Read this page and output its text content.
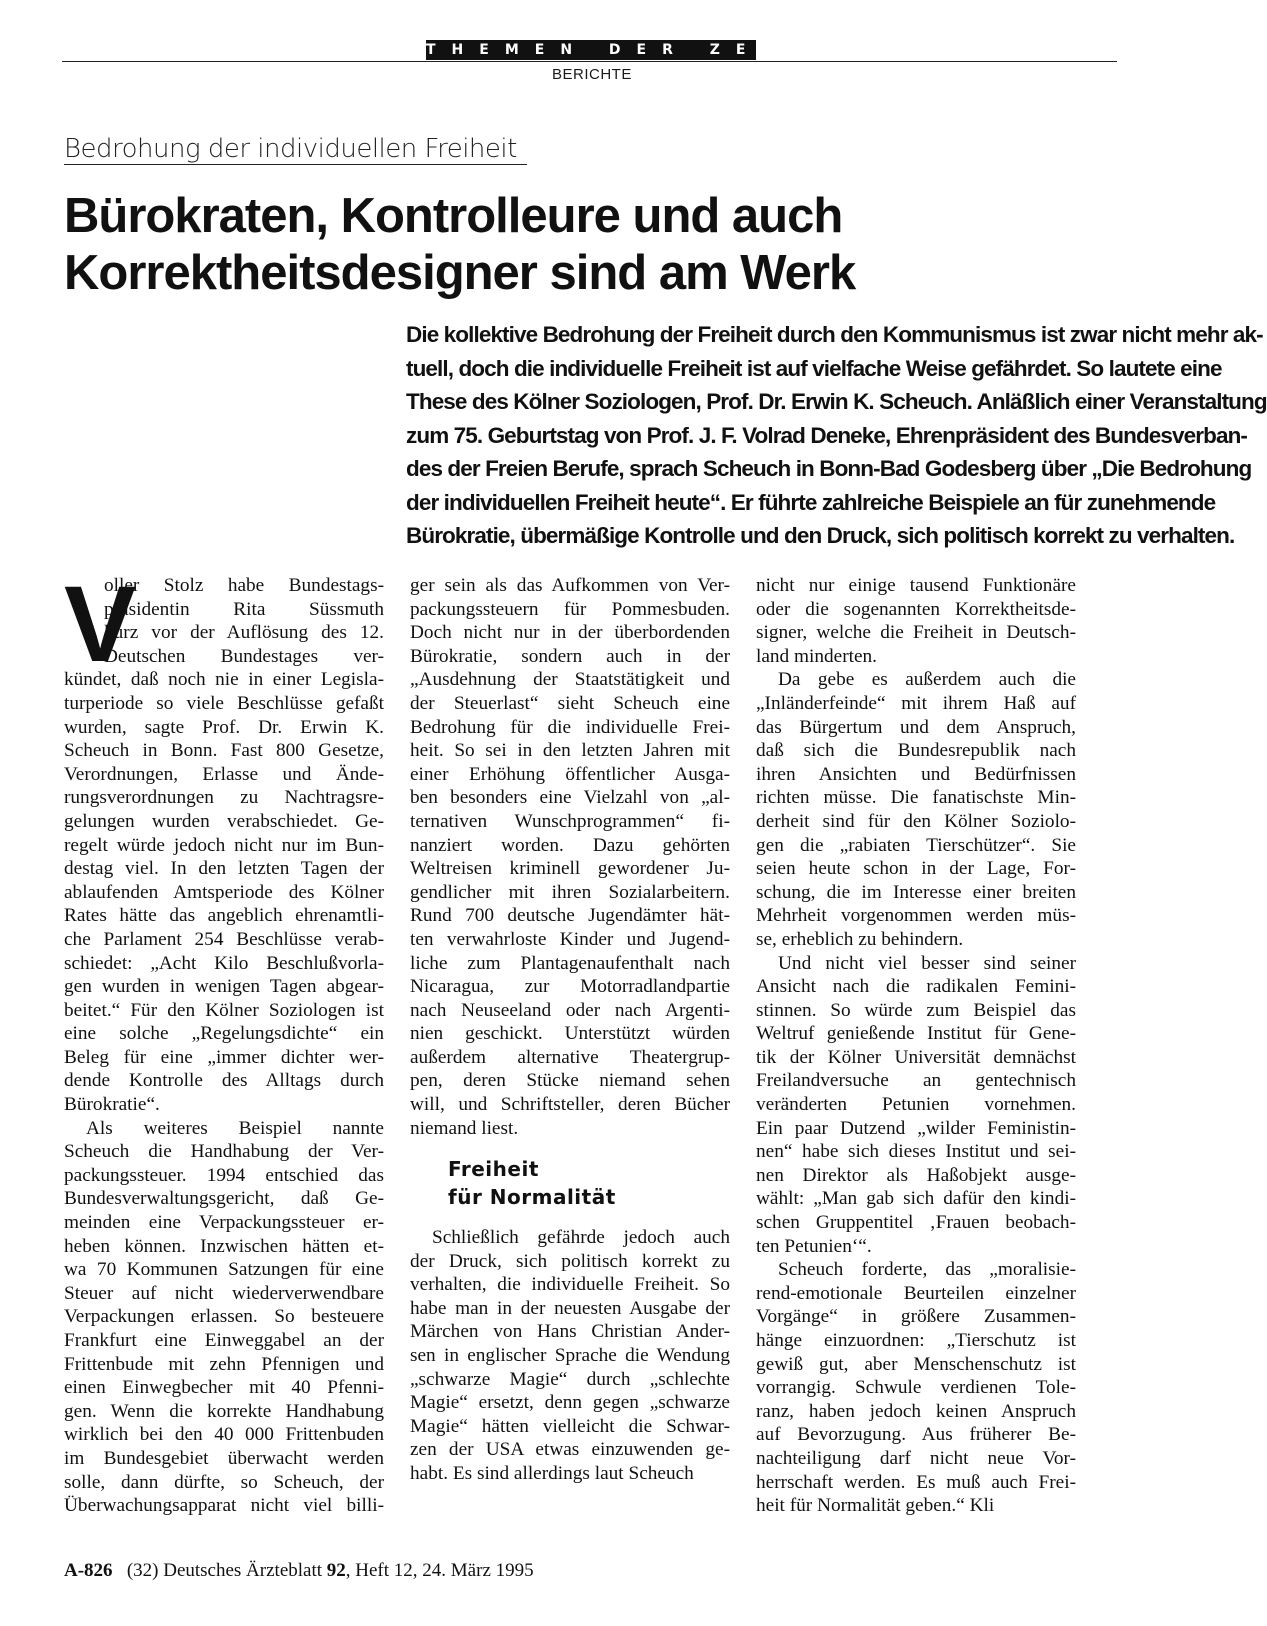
THEMEN DER ZEIT
BERICHTE
Bedrohung der individuellen Freiheit
Bürokraten, Kontrolleure und auch
Korrektheitsdesigner sind am Werk
Die kollektive Bedrohung der Freiheit durch den Kommunismus ist zwar nicht mehr ak-
tuell, doch die individuelle Freiheit ist auf vielfache Weise gefährdet. So lautete eine
These des Kölner Soziologen, Prof. Dr. Erwin K. Scheuch. Anläßlich einer Veranstaltung
zum 75. Geburtstag von Prof. J. F. Volrad Deneke, Ehrenpräsident des Bundesverban-
des der Freien Berufe, sprach Scheuch in Bonn-Bad Godesberg über „Die Bedrohung
der individuellen Freiheit heute“. Er führte zahlreiche Beispiele an für zunehmende
Bürokratie, übermäßige Kontrolle und den Druck, sich politisch korrekt zu verhalten.
V
oller Stolz habe Bundestags-
präsidentin Rita Süssmuth
kurz vor der Auflösung des 12.
Deutschen Bundestages ver-
kündet, daß noch nie in einer Legisla-
turperiode so viele Beschlüsse gefaßt
wurden, sagte Prof. Dr. Erwin K.
Scheuch in Bonn. Fast 800 Gesetze,
Verordnungen, Erlasse und Ände-
rungsverordnungen zu Nachtragsre-
gelungen wurden verabschiedet. Ge-
regelt würde jedoch nicht nur im Bun-
destag viel. In den letzten Tagen der
ablaufenden Amtsperiode des Kölner
Rates hätte das angeblich ehrenamtli-
che Parlament 254 Beschlüsse verab-
schiedet: „Acht Kilo Beschlußvorla-
gen wurden in wenigen Tagen abgear-
beitet.“ Für den Kölner Soziologen ist
eine solche „Regelungsdichte“ ein
Beleg für eine „immer dichter wer-
dende Kontrolle des Alltags durch
Bürokratie“.
Als weiteres Beispiel nannte
Scheuch die Handhabung der Ver-
packungssteuer. 1994 entschied das
Bundesverwaltungsgericht, daß Ge-
meinden eine Verpackungssteuer er-
heben können. Inzwischen hätten et-
wa 70 Kommunen Satzungen für eine
Steuer auf nicht wiederverwendbare
Verpackungen erlassen. So besteuere
Frankfurt eine Einweggabel an der
Frittenbude mit zehn Pfennigen und
einen Einwegbecher mit 40 Pfenni-
gen. Wenn die korrekte Handhabung
wirklich bei den 40 000 Frittenbuden
im Bundesgebiet überwacht werden
solle, dann dürfte, so Scheuch, der
Überwachungsapparat nicht viel billi-
ger sein als das Aufkommen von Ver-
packungssteuern für Pommesbuden.
Doch nicht nur in der überbordenden
Bürokratie, sondern auch in der
„Ausdehnung der Staatstätigkeit und
der Steuerlast“ sieht Scheuch eine
Bedrohung für die individuelle Frei-
heit. So sei in den letzten Jahren mit
einer Erhöhung öffentlicher Ausga-
ben besonders eine Vielzahl von „al-
ternativen Wunschprogrammen“ fi-
nanziert worden. Dazu gehörten
Weltreisen kriminell gewordener Ju-
gendlicher mit ihren Sozialarbeitern.
Rund 700 deutsche Jugendämter hät-
ten verwahrloste Kinder und Jugend-
liche zum Plantagenaufenthalt nach
Nicaragua, zur Motorradlandpartie
nach Neuseeland oder nach Argenti-
nien geschickt. Unterstützt würden
außerdem alternative Theatergrup-
pen, deren Stücke niemand sehen
will, und Schriftsteller, deren Bücher
niemand liest.
Freiheit
für Normalität
Schließlich gefährde jedoch auch
der Druck, sich politisch korrekt zu
verhalten, die individuelle Freiheit. So
habe man in der neuesten Ausgabe der
Märchen von Hans Christian Ander-
sen in englischer Sprache die Wendung
„schwarze Magie“ durch „schlechte
Magie“ ersetzt, denn gegen „schwarze
Magie“ hätten vielleicht die Schwar-
zen der USA etwas einzuwenden ge-
habt. Es sind allerdings laut Scheuch
nicht nur einige tausend Funktionäre
oder die sogenannten Korrektheitsde-
signer, welche die Freiheit in Deutsch-
land minderten.
Da gebe es außerdem auch die
„Inländerfeinde“ mit ihrem Haß auf
das Bürgertum und dem Anspruch,
daß sich die Bundesrepublik nach
ihren Ansichten und Bedürfnissen
richten müsse. Die fanatischste Min-
derheit sind für den Kölner Soziolo-
gen die „rabiaten Tierschützer“. Sie
seien heute schon in der Lage, For-
schung, die im Interesse einer breiten
Mehrheit vorgenommen werden müs-
se, erheblich zu behindern.
Und nicht viel besser sind seiner
Ansicht nach die radikalen Femini-
stinnen. So würde zum Beispiel das
Weltruf genießende Institut für Gene-
tik der Kölner Universität demnächst
Freilandversuche an gentechnisch
veränderten Petunien vornehmen.
Ein paar Dutzend „wilder Feministin-
nen“ habe sich dieses Institut und sei-
nen Direktor als Haßobjekt ausge-
wählt: „Man gab sich dafür den kindi-
schen Gruppentitel ‚Frauen beobach-
ten Petunien‘“.
Scheuch forderte, das „moralisie-
rend-emotionale Beurteilen einzelner
Vorgänge“ in größere Zusammen-
hänge einzuordnen: „Tierschutz ist
gewiß gut, aber Menschenschutz ist
vorrangig. Schwule verdienen Tole-
ranz, haben jedoch keinen Anspruch
auf Bevorzugung. Aus früherer Be-
nachteiligung darf nicht neue Vor-
herrschaft werden. Es muß auch Frei-
heit für Normalität geben.“ Kli
A-826 (32) Deutsches Ärzteblatt 92, Heft 12, 24. März 1995
